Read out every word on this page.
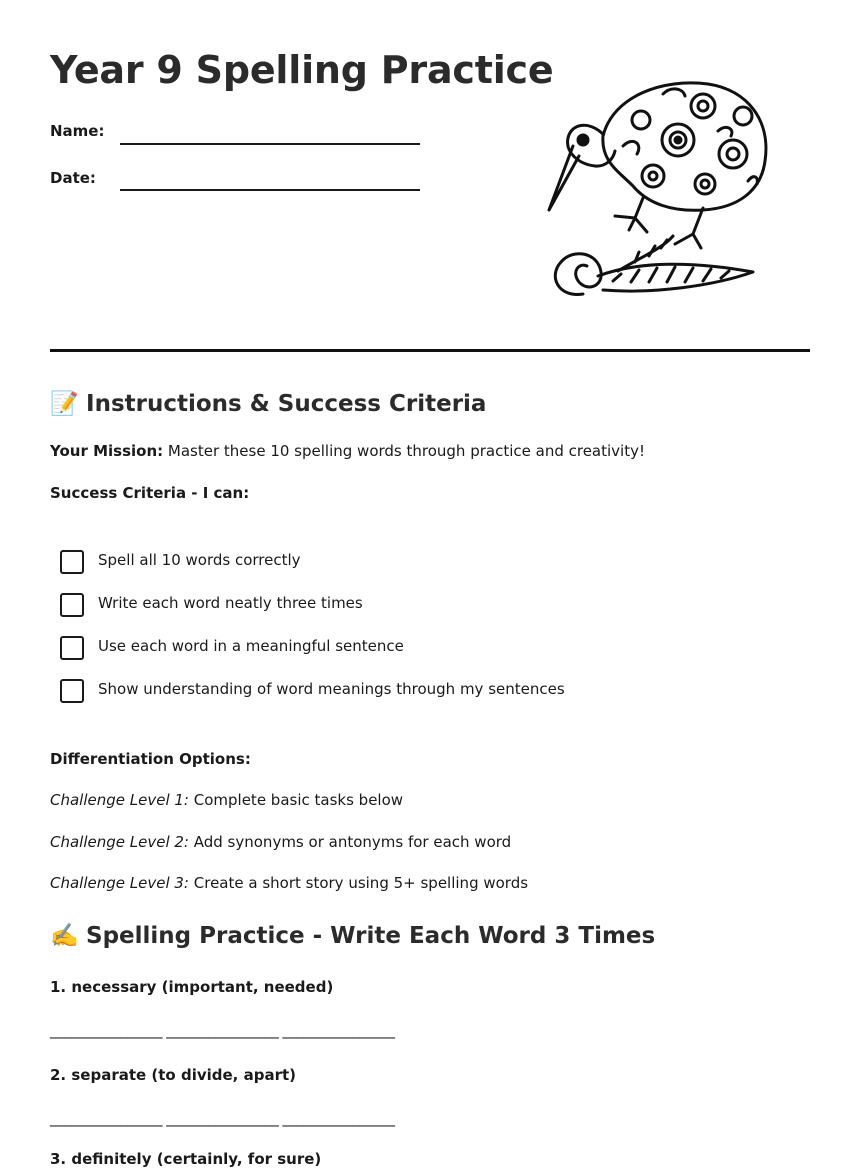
Year 9 Spelling Practice
Name:
Date:
📝 Instructions & Success Criteria
Your Mission: Master these 10 spelling words through practice and creativity!
Success Criteria - I can:
Spell all 10 words correctly
Write each word neatly three times
Use each word in a meaningful sentence
Show understanding of word meanings through my sentences
Differentiation Options:
Challenge Level 1: Complete basic tasks below
Challenge Level 2: Add synonyms or antonyms for each word
Challenge Level 3: Create a short story using 5+ spelling words
✍️ Spelling Practice - Write Each Word 3 Times
1. necessary (important, needed)
________________ ________________ ________________
2. separate (to divide, apart)
________________ ________________ ________________
3. definitely (certainly, for sure)
